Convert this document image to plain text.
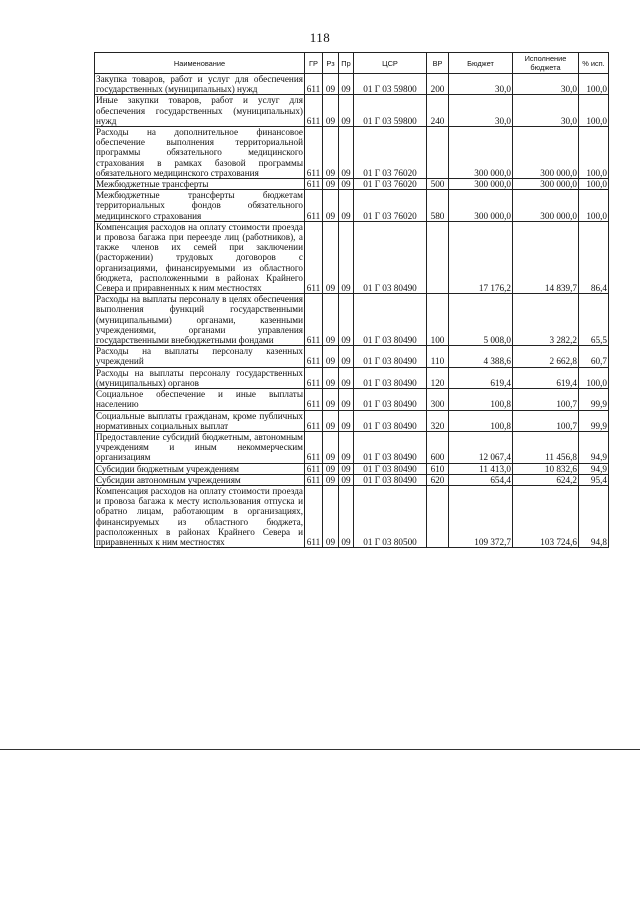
118
Наименование	ГР	Рз	Пр	ЦСР	ВР	Бюджет	Исполнение бюджета	% исп.
Закупка товаров, работ и услуг для обеспечения государственных (муниципальных) нужд	611	09	09	01 Г 03 59800	200	30,0	30,0	100,0
Иные закупки товаров, работ и услуг для обеспечения государственных (муниципальных) нужд	611	09	09	01 Г 03 59800	240	30,0	30,0	100,0
Расходы на дополнительное финансовое обеспечение выполнения территориальной программы обязательного медицинского страхования в рамках базовой программы обязательного медицинского страхования	611	09	09	01 Г 03 76020		300 000,0	300 000,0	100,0
Межбюджетные трансферты	611	09	09	01 Г 03 76020	500	300 000,0	300 000,0	100,0
Межбюджетные трансферты бюджетам территориальных фондов обязательного медицинского страхования	611	09	09	01 Г 03 76020	580	300 000,0	300 000,0	100,0
Компенсация расходов на оплату стоимости проезда и провоза багажа при переезде лиц (работников), а также членов их семей при заключении (расторжении) трудовых договоров с организациями, финансируемыми из областного бюджета, расположенными в районах Крайнего Севера и приравненных к ним местностях	611	09	09	01 Г 03 80490		17 176,2	14 839,7	86,4
Расходы на выплаты персоналу в целях обеспечения выполнения функций государственными (муниципальными) органами, казенными учреждениями, органами управления государственными внебюджетными фондами	611	09	09	01 Г 03 80490	100	5 008,0	3 282,2	65,5
Расходы на выплаты персоналу казенных учреждений	611	09	09	01 Г 03 80490	110	4 388,6	2 662,8	60,7
Расходы на выплаты персоналу государственных (муниципальных) органов	611	09	09	01 Г 03 80490	120	619,4	619,4	100,0
Социальное обеспечение и иные выплаты населению	611	09	09	01 Г 03 80490	300	100,8	100,7	99,9
Социальные выплаты гражданам, кроме публичных нормативных социальных выплат	611	09	09	01 Г 03 80490	320	100,8	100,7	99,9
Предоставление субсидий бюджетным, автономным учреждениям и иным некоммерческим организациям	611	09	09	01 Г 03 80490	600	12 067,4	11 456,8	94,9
Субсидии бюджетным учреждениям	611	09	09	01 Г 03 80490	610	11 413,0	10 832,6	94,9
Субсидии автономным учреждениям	611	09	09	01 Г 03 80490	620	654,4	624,2	95,4
Компенсация расходов на оплату стоимости проезда и провоза багажа к месту использования отпуска и обратно лицам, работающим в организациях, финансируемых из областного бюджета, расположенных в районах Крайнего Севера и приравненных к ним местностях	611	09	09	01 Г 03 80500		109 372,7	103 724,6	94,8
